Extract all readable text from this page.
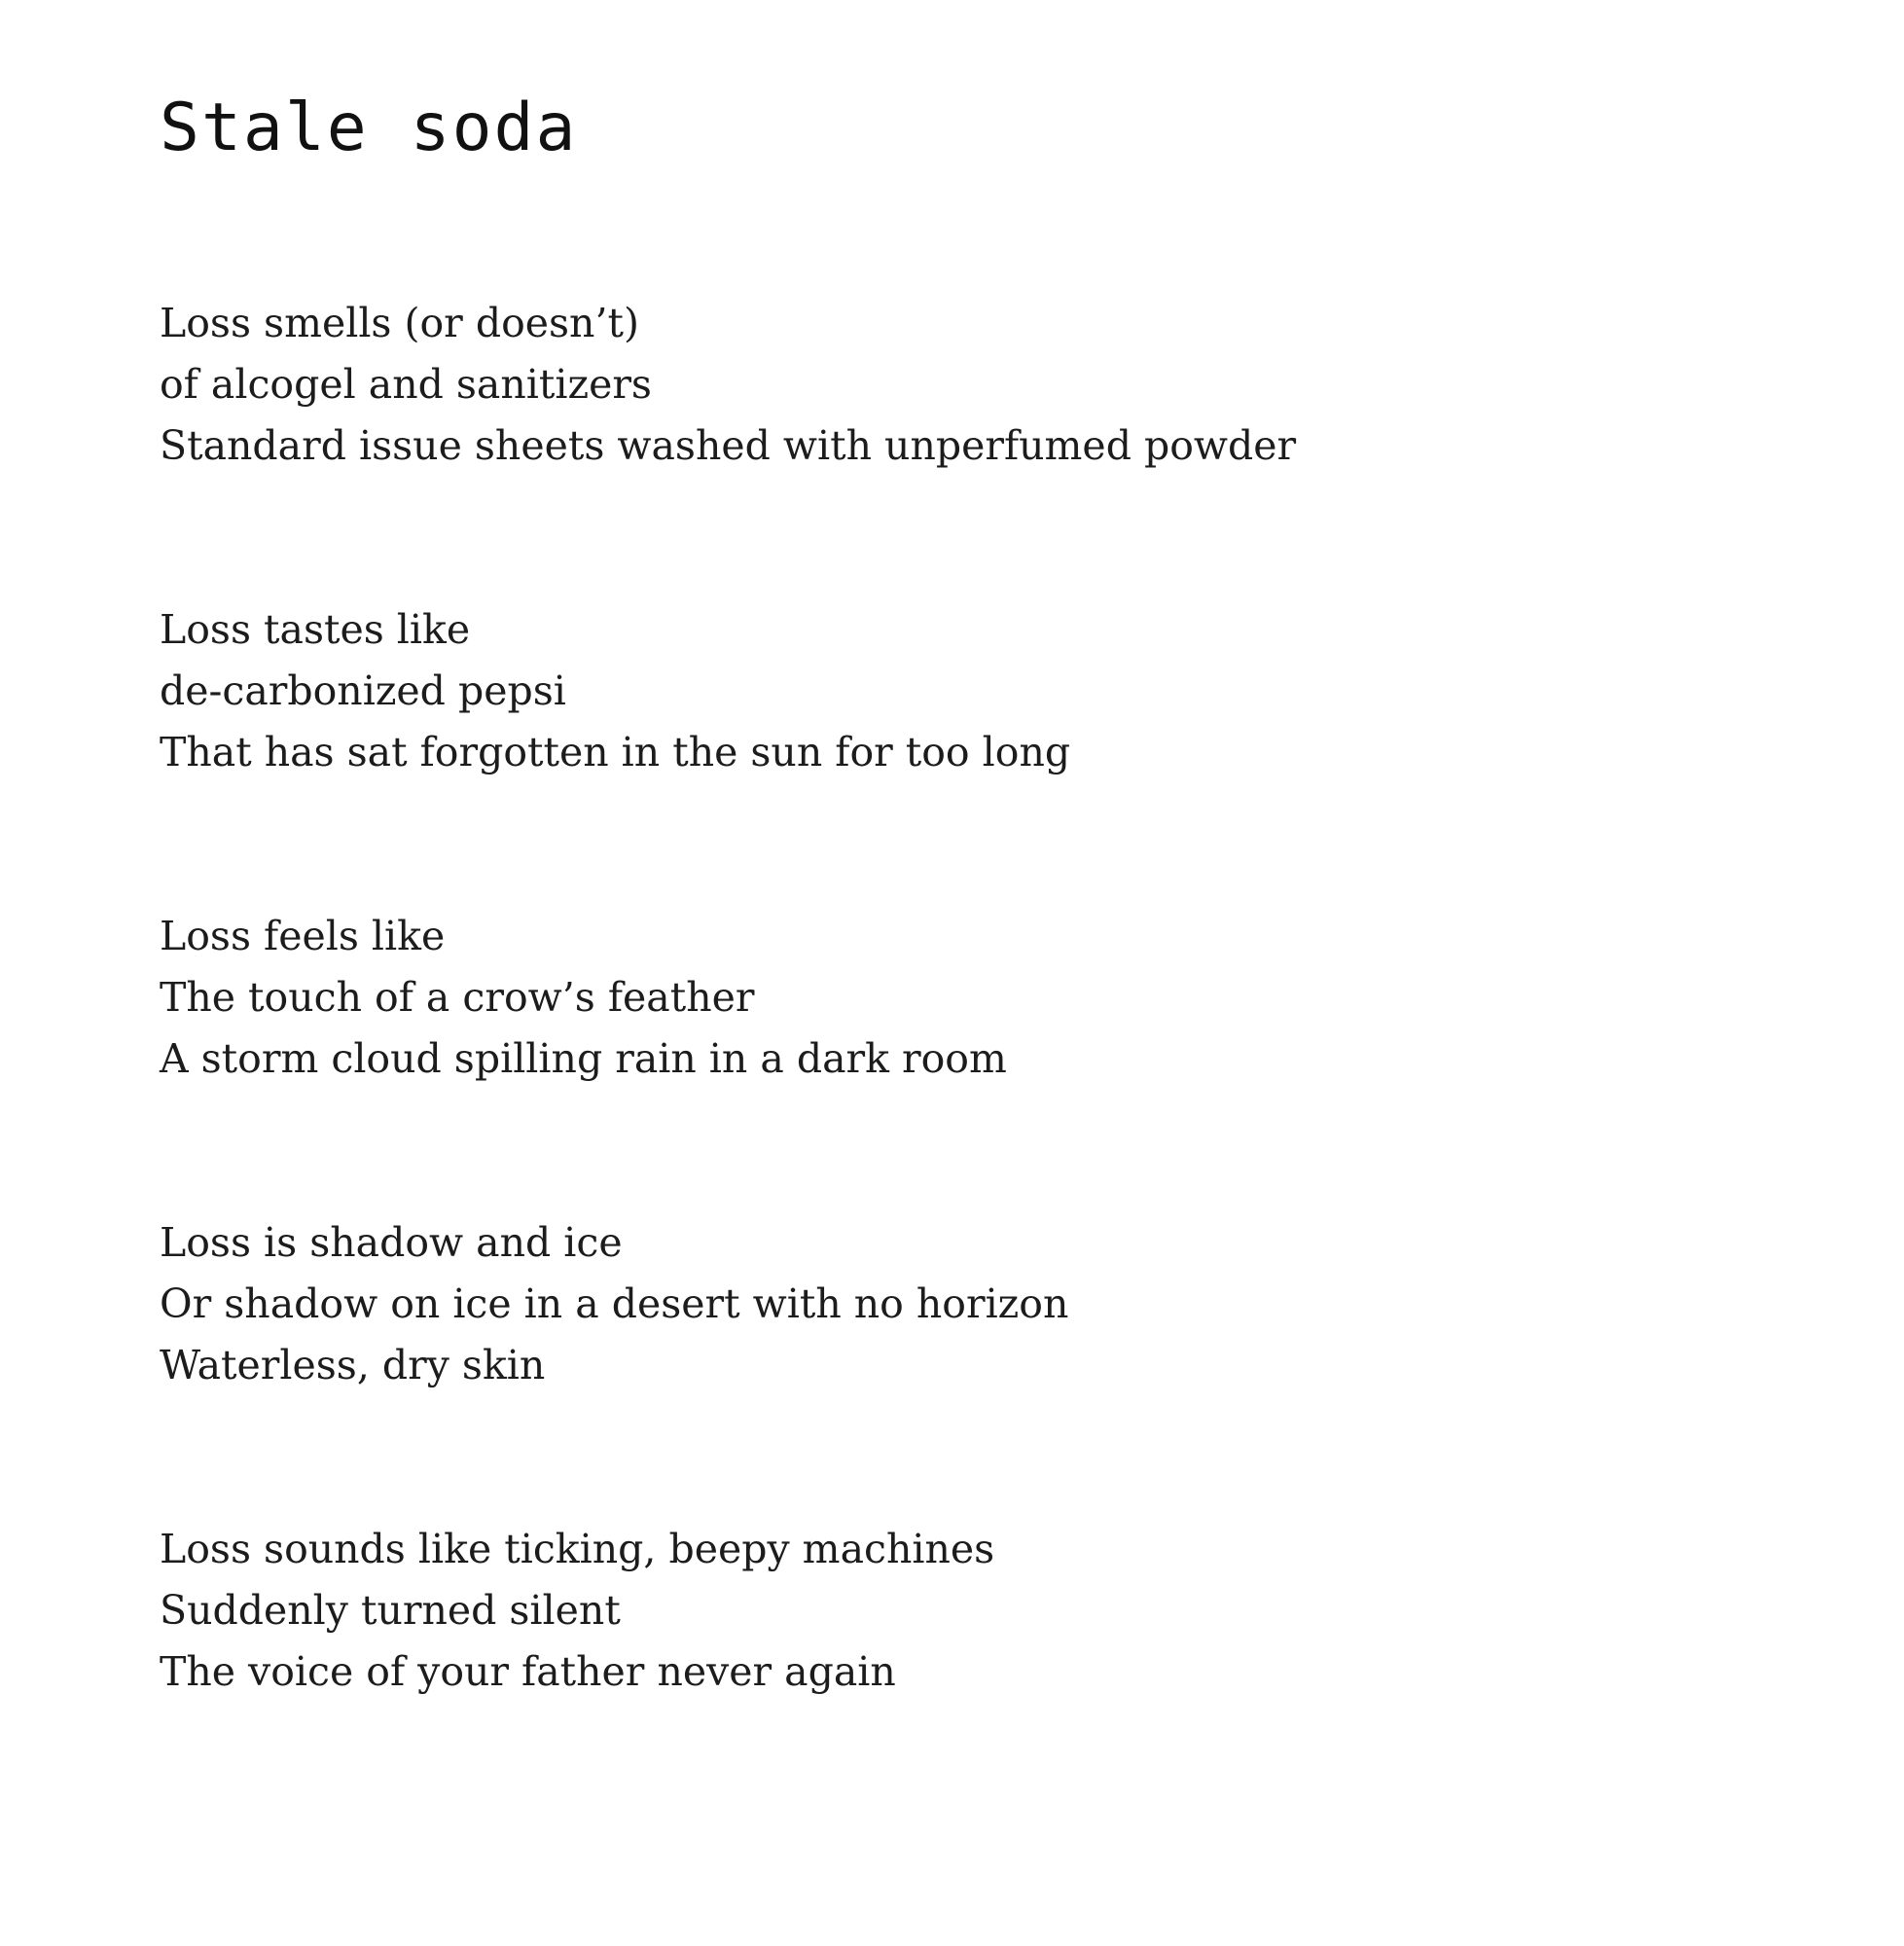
Stale soda
Loss smells (or doesn’t)
of alcogel and sanitizers
Standard issue sheets washed with unperfumed powder
Loss tastes like
de-carbonized pepsi
That has sat forgotten in the sun for too long
Loss feels like
The touch of a crow’s feather
A storm cloud spilling rain in a dark room
Loss is shadow and ice
Or shadow on ice in a desert with no horizon
Waterless, dry skin
Loss sounds like ticking, beepy machines
Suddenly turned silent
The voice of your father never again
